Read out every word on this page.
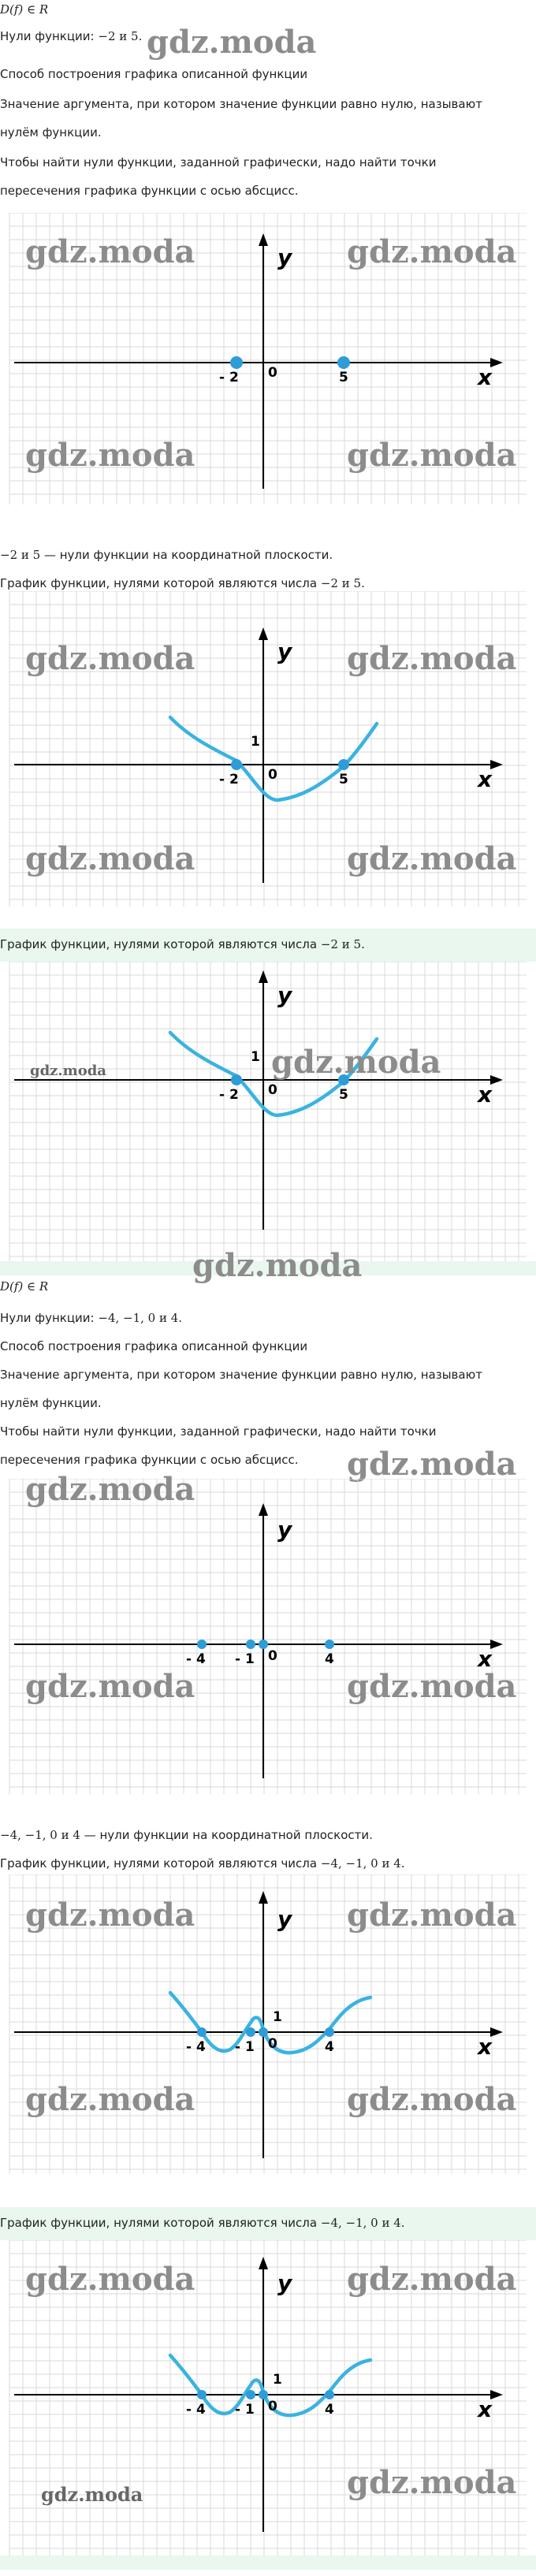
D(f) ∈ R
Нули функции: −2 и 5. gdz.moda
Способ построения графика описанной функции
Значение аргумента, при котором значение функции равно нулю, называют
нулём функции.
Чтобы найти нули функции, заданной графически, надо найти точки
пересечения графика функции с осью абсцисс.
y
x
0
- 2	5
gdz.moda	gdz.moda
gdz.moda	gdz.moda
−2 и 5 — нули функции на координатной плоскости.
График функции, нулями которой являются числа −2 и 5.
y
x
1
0
- 2	5
gdz.moda	gdz.moda
gdz.moda	gdz.moda
График функции, нулями которой являются числа −2 и 5.
y
x
1
0
- 2	5
gdz.moda	gdz.moda
gdz.moda
D(f) ∈ R
Нули функции: −4, −1, 0 и 4.
Способ построения графика описанной функции
Значение аргумента, при котором значение функции равно нулю, называют
нулём функции.
Чтобы найти нули функции, заданной графически, надо найти точки
пересечения графика функции с осью абсцисс. gdz.moda
y
x
0
- 4 - 1	4
gdz.moda
gdz.moda	gdz.moda
−4, −1, 0 и 4 — нули функции на координатной плоскости.
График функции, нулями которой являются числа −4, −1, 0 и 4.
y
x
1
0
- 4 - 1	4
gdz.moda	gdz.moda
gdz.moda	gdz.moda
График функции, нулями которой являются числа −4, −1, 0 и 4.
y
x
1
0
- 4 - 1	4
gdz.moda	gdz.moda
gdz.moda
gdz.moda
